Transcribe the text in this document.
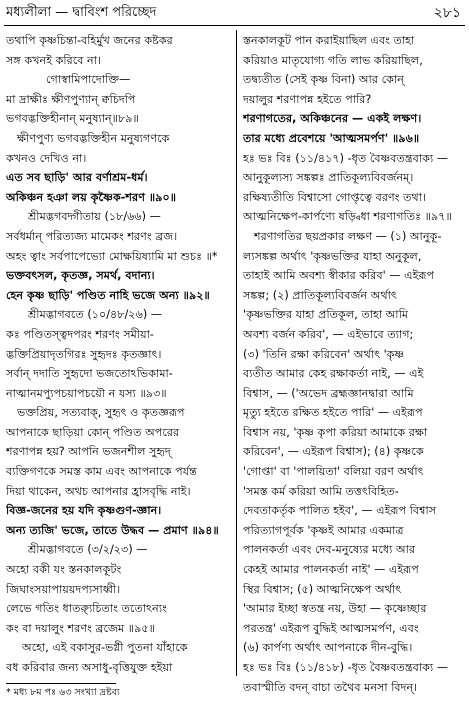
মধ্যলীলা — দ্বাবিংশ পরিচ্ছেদ	২৮১
তথাপি কৃষ্ণচিন্তা-বহির্মুখ জনের কষ্টকর
সঙ্গ কখনই করিবে না।
গোস্বামিপাদোক্তি—
মা দ্রাক্ষীঃ ক্ষীণপুণ্যান্ ক্বচিদপি
ভগবদ্ভক্তিহীনান্ মনুষ্যান্॥৮৯॥
ক্ষীণপুণ্য ভগবদ্ভক্তিহীন মনুষ্যগণকে
কখনও দেখিও না।
এত সব ছাড়ি' আর বর্ণাশ্রম-ধর্ম।
অকিঞ্চন হঞা লয় কৃষ্ণৈক-শরণ ॥৯০॥
শ্রীমদ্ভগবদ্গীতায় (১৮/৬৬) —
সর্বধর্মান্ পরিত্যজ্য মামেকং শরণং ব্রজ।
অহং ত্বাং সর্বপাপেভ্যো মোক্ষয়িষ্যামি মা শুচঃ ॥*
ভক্তবৎসল, কৃতজ্ঞ, সমর্থ, বদান্য।
হেন কৃষ্ণ ছাড়ি' পণ্ডিত নাহি ভজে অন্য ॥৯২॥
শ্রীমদ্ভাগবতে (১০/৪৮/২৬) —
কঃ পণ্ডিতস্ত্বদপরং শরণং সমীয়া-
দ্ভক্তিপ্রিয়াদৃতগিরঃ সুহৃদঃ কৃতজ্ঞাৎ।
সর্বান্ দদাতি সুহৃদো ভজতোঽভিকামা-
নাত্মানমপ্যুপচয়াপচয়ৌ ন যস্য ॥৯৩॥
ভক্তপ্রিয়, সত্যবাক্, সুহৃৎ ও কৃতজ্ঞরূপ
আপনাকে ছাড়িয়া কোন্ পণ্ডিত অপরের
শরণাপন্ন হয়? আপনি ভজনশীল সুহৃদ্
ব্যক্তিগণকে সমস্ত কাম এবং আপনাকে পর্যন্ত
দিয়া থাকেন, অথচ আপনার হ্রাসবৃদ্ধি নাই।
বিজ্ঞ-জনের হয় যদি কৃষ্ণগুণ-জ্ঞান।
অন্য ত্যজি' ভজে, তাতে উদ্ধব — প্রমাণ ॥৯৪॥
শ্রীমদ্ভাগবতে (৩/২/২৩) —
অহো বকী যং স্তনকালকূটং
জিঘাংসয়াপায়য়দপ্যসাধ্বী।
লেভে গতিং ধাত্র্যুচিতাং ততোঽন্যং
কং বা দয়ালুং শরণং ব্রজেম ॥৯৫॥
অহো, এই বকাসুর-ভগ্নী পুতনা যাঁহাকে
বধ করিবার জন্য অসাধু-বৃত্তিযুক্ত হইয়া
স্তনকালকূট পান করাইয়াছিল এবং তাহা
করিয়াও মাতৃযোগ্য গতি লাভ করিয়াছিল,
তদ্ব্যতীত (সেই কৃষ্ণ বিনা) আর কোন্
দয়ালুর শরণাপন্ন হইতে পারি?
শরণাগতের, অকিঞ্চনের — একই লক্ষণ।
তার মধ্যে প্রবেশয়ে 'আত্মসমর্পণ' ॥৯৬॥
হঃ ভঃ বিঃ (১১/৪১৭) -ধৃত বৈষ্ণবতন্ত্রবাক্য —
আনুকূল্যস্য সঙ্কল্পঃ প্রাতিকূল্যবিবর্জনম্।
রক্ষিষ্যতীতি বিশ্বাসো গোপ্তৃত্বে বরণং তথা।
আত্মনিক্ষেপ-কার্পণ্যে ষড়্বিধা শরণাগতিঃ ॥৯৭॥
শরণাগতির ছয়প্রকার লক্ষণ — (১) আনুকূ-
ল্যসঙ্কল্প অর্থাৎ 'কৃষ্ণভক্তির যাহা অনুকূল,
তাহাই আমি অবশ্য স্বীকার করিব' — এইরূপ
সঙ্কল্প; (২) প্রাতিকূল্যবিবর্জন অর্থাৎ
'কৃষ্ণভক্তির যাহা প্রতিকূল, তাহা আমি
অবশ্য বর্জন করিব', — এইভাবে ত্যাগ;
(৩) 'তিনি রক্ষা করিবেন' অর্থাৎ 'কৃষ্ণ
ব্যতীত আমার কেহ রক্ষাকর্তা নাই, — এই
বিশ্বাস, — ('অভেদ ব্রহ্মজ্ঞানদ্বারা আমি
মৃত্যু হইতে রক্ষিত হইতে পারি' — এইরূপ
বিশ্বাস নয়, 'কৃষ্ণ কৃপা করিয়া আমাকে রক্ষা
করিবেন', — এইরূপ বিশ্বাস); (৪) কৃষ্ণকে
'গোপ্তা' বা 'পালয়িতা' বলিয়া বরণ অর্থাৎ
'সমস্ত কর্ম করিয়া আমি তত্তৎবিহিত-
দেবতাকর্তৃক পালিত হইব', — এইরূপ বিশ্বাস
পরিত্যাগপূর্বক 'কৃষ্ণই আমার একমাত্র
পালনকর্তা এবং দেব-মনুষ্যের মধ্যে আর
কেহই আমার পালনকর্তা নাই' — এইরূপ
স্থির বিশ্বাস; (৫) আত্মনিক্ষেপ অর্থাৎ
'আমার ইচ্ছা স্বতন্ত্র নয়, উহা — কৃষ্ণেচ্ছার
পরতন্ত্র' এইরূপ বুদ্ধিই আত্মসমর্পণ, এবং
(৬) কার্পণ্য অর্থাৎ আপনাকে দীন-বুদ্ধি।
হঃ ভঃ বিঃ (১১/৪১৮) -ধৃত বৈষ্ণবতন্ত্রবাক্য —
তবাস্মীতি বদন্ বাচা তথৈব মনসা বিদন্।
* মধ্য ৮ম পঃ ৬৩ সংখ্যা দ্রষ্টব্য
